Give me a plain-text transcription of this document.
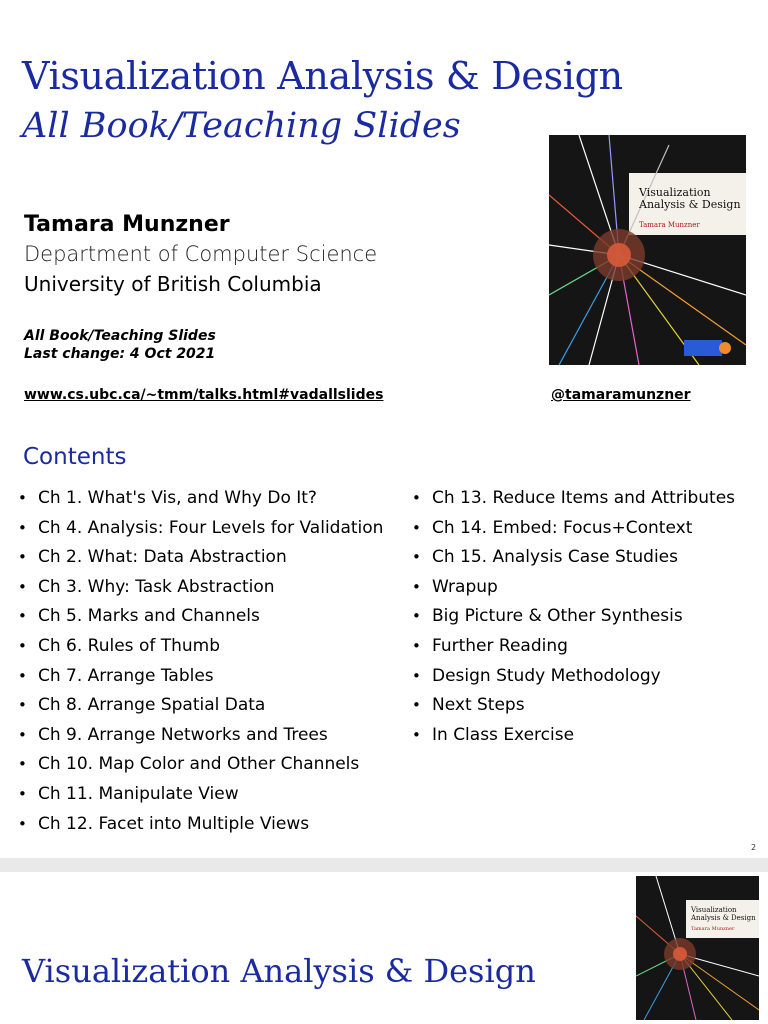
Visualization Analysis & Design
All Book/Teaching Slides
Visualization
Analysis & Design
Tamara Munzner
Tamara Munzner
Department of Computer Science
University of British Columbia
All Book/Teaching Slides
Last change: 4 Oct 2021
www.cs.ubc.ca/~tmm/talks.html#vadallslides	@tamaramunzner
Contents
• Ch 1. What's Vis, and Why Do It?
• Ch 4. Analysis: Four Levels for Validation
• Ch 2. What: Data Abstraction
• Ch 3. Why: Task Abstraction
• Ch 5. Marks and Channels
• Ch 6. Rules of Thumb
• Ch 7. Arrange Tables
• Ch 8. Arrange Spatial Data
• Ch 9. Arrange Networks and Trees
• Ch 10. Map Color and Other Channels
• Ch 11. Manipulate View
• Ch 12. Facet into Multiple Views
• Ch 13. Reduce Items and Attributes
• Ch 14. Embed: Focus+Context
• Ch 15. Analysis Case Studies
• Wrapup
• Big Picture & Other Synthesis
• Further Reading
• Design Study Methodology
• Next Steps
• In Class Exercise
2
Visualization Analysis & Design
Visualization
Analysis & Design
Tamara Munzner
